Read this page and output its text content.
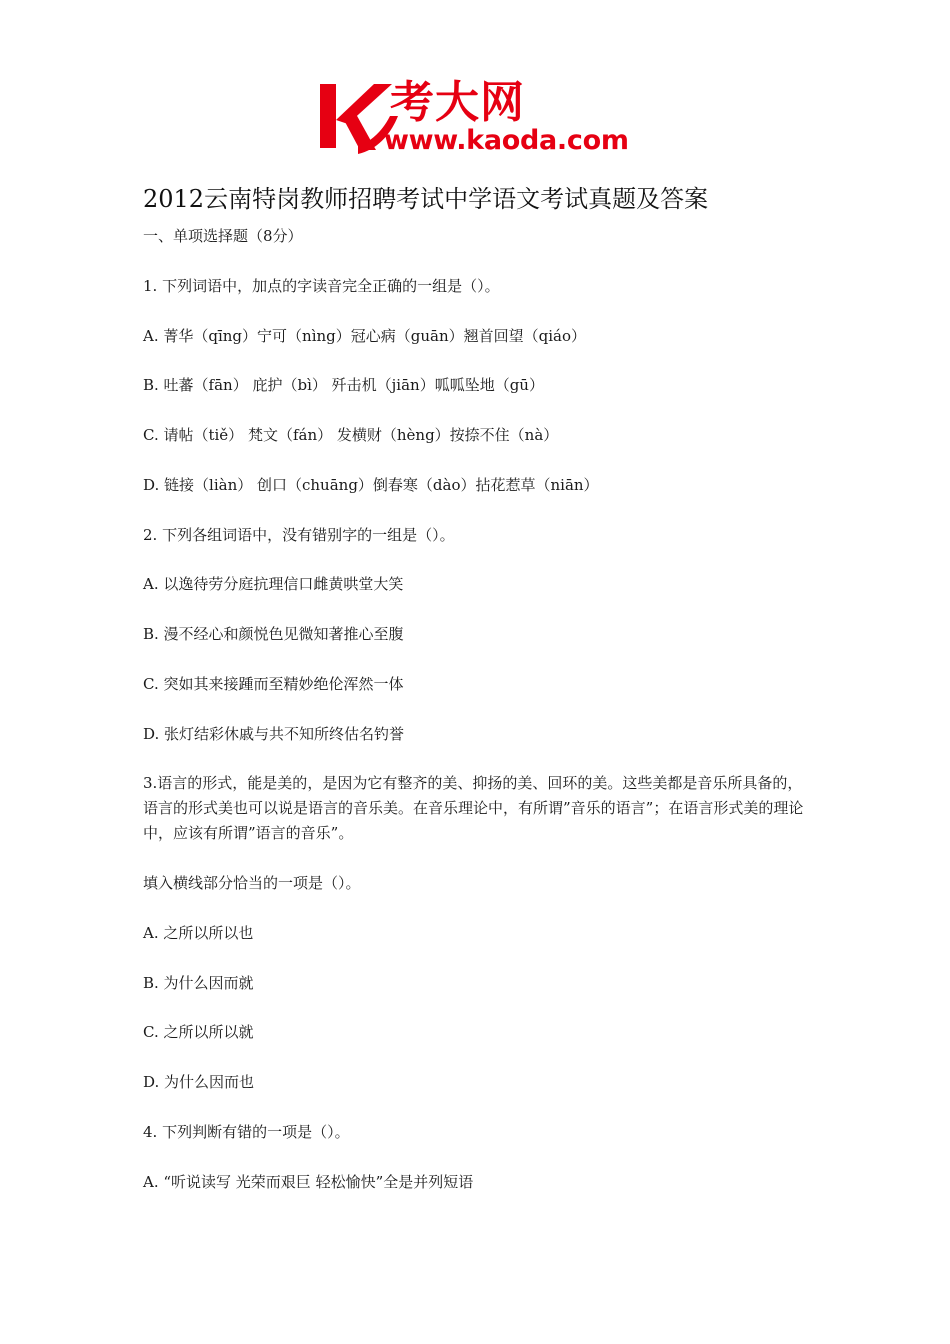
考大网
www.kaoda.com
2012云南特岗教师招聘考试中学语文考试真题及答案
一、单项选择题（8分）
1. 下列词语中，加点的字读音完全正确的一组是（）。
A. 菁华（qīng）宁可（nìng）冠心病（guān）翘首回望（qiáo）
B. 吐蕃（fān） 庇护（bì） 歼击机（jiān）呱呱坠地（gū）
C. 请帖（tiě） 梵文（fán） 发横财（hèng）按捺不住（nà）
D. 链接（liàn） 创口（chuāng）倒春寒（dào）拈花惹草（niān）
2. 下列各组词语中，没有错别字的一组是（）。
A. 以逸待劳分庭抗理信口雌黄哄堂大笑
B. 漫不经心和颜悦色见微知著推心至腹
C. 突如其来接踵而至精妙绝伦浑然一体
D. 张灯结彩休戚与共不知所终估名钓誉
3.语言的形式，能是美的，是因为它有整齐的美、抑扬的美、回环的美。这些美都是音乐所具备的，语言的形式美也可以说是语言的音乐美。在音乐理论中，有所谓”音乐的语言”；在语言形式美的理论中，应该有所谓”语言的音乐”。
填入横线部分恰当的一项是（）。
A. 之所以所以也
B. 为什么因而就
C. 之所以所以就
D. 为什么因而也
4. 下列判断有错的一项是（）。
A. “听说读写 光荣而艰巨 轻松愉快”全是并列短语
